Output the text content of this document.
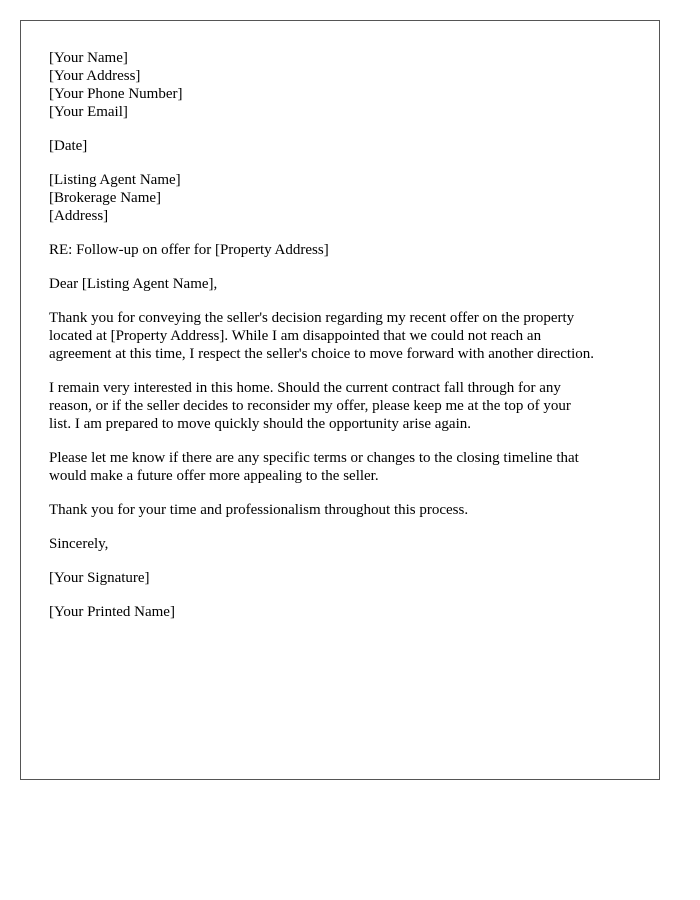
[Your Name]
[Your Address]
[Your Phone Number]
[Your Email]
[Date]
[Listing Agent Name]
[Brokerage Name]
[Address]

RE: Follow-up on offer for [Property Address]

Dear [Listing Agent Name],

Thank you for conveying the seller's decision regarding my recent offer on the property
located at [Property Address]. While I am disappointed that we could not reach an
agreement at this time, I respect the seller's choice to move forward with another direction.

I remain very interested in this home. Should the current contract fall through for any
reason, or if the seller decides to reconsider my offer, please keep me at the top of your
list. I am prepared to move quickly should the opportunity arise again.

Please let me know if there are any specific terms or changes to the closing timeline that
would make a future offer more appealing to the seller.

Thank you for your time and professionalism throughout this process.

Sincerely,

[Your Signature]

[Your Printed Name]
